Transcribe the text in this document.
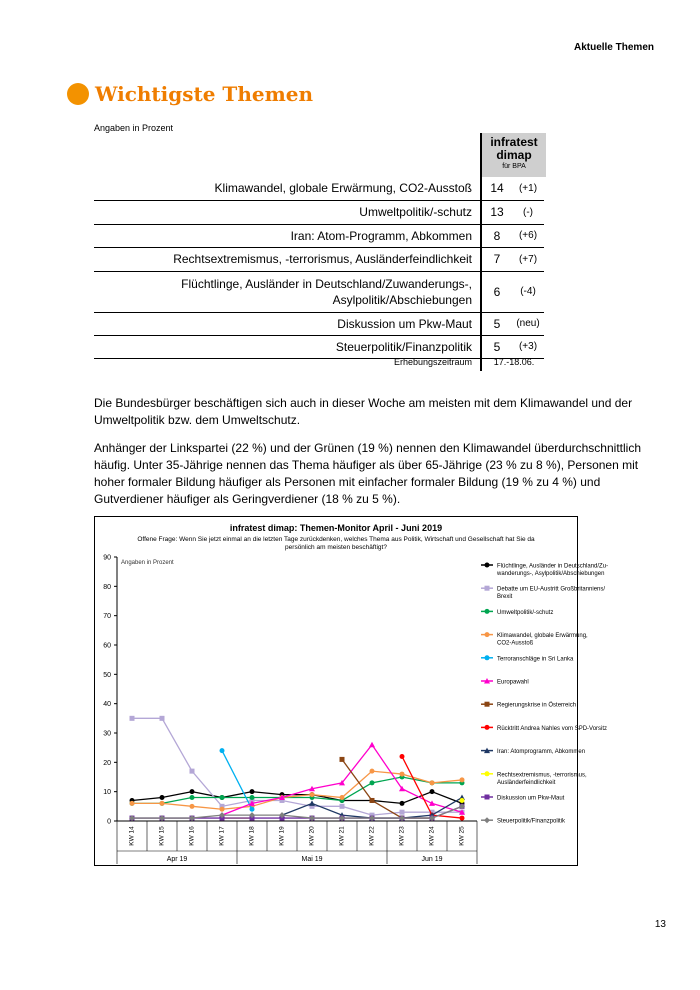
Aktuelle Themen
Wichtigste Themen
Angaben in Prozent
infratest
dimap
für BPA
Klimawandel, globale Erwärmung, CO2-Ausstoß	14	(+1)
Umweltpolitik/-schutz	13	(-)
Iran: Atom-Programm, Abkommen	8	(+6)
Rechtsextremismus, -terrorismus, Ausländerfeindlichkeit	7	(+7)

Flüchtlinge, Ausländer in Deutschland/Zuwanderungs-,
Asylpolitik/Abschiebungen	6	(-4)
Diskussion um Pkw-Maut	5	(neu)
Steuerpolitik/Finanzpolitik	5	(+3)
Erhebungszeitraum	17.-18.06.

Die Bundesbürger beschäftigen sich auch in dieser Woche am meisten mit dem Klimawandel und der Umweltpolitik bzw. dem Umweltschutz.

Anhänger der Linkspartei (22 %) und der Grünen (19 %) nennen den Klimawandel überdurchschnittlich häufig. Unter 35-Jährige nennen das Thema häufiger als über 65-Jährige (23 % zu 8 %), Personen mit hoher formaler Bildung häufiger als Personen mit einfacher formaler Bildung (19 % zu 4 %) und Gutverdiener häufiger als Geringverdiener (18 % zu 5 %).

infratest dimap: Themen-Monitor April - Juni 2019
Offene Frage: Wenn Sie jetzt einmal an die letzten Tage zurückdenken, welches Thema aus Politik, Wirtschaft und Gesellschaft hat Sie da persönlich am meisten beschäftigt?
0
10
20
30
40
50
60
70
80
90
Angaben in Prozent
KW 14	KW 15	KW 16	KW 17	KW 18	KW 19	KW 20	KW 21	KW 22	KW 23	KW 24	KW 25
Apr 19	Mai 19	Jun 19
Flüchtlinge, Ausländer in Deutschland/Zu-
wanderungs-, Asylpolitik/Abschiebungen
Debatte um EU-Austritt Großbritanniens/
Brexit
Umweltpolitik/-schutz
Klimawandel, globale Erwärmung,
CO2-Ausstoß
Terroranschläge in Sri Lanka
Europawahl
Regierungskrise in Österreich
Rücktritt Andrea Nahles vom SPD-Vorsitz
Iran: Atomprogramm, Abkommen
Rechtsextremismus, -terrorismus,
Ausländerfeindlichkeit
Diskussion um Pkw-Maut
Steuerpolitik/Finanzpolitik
13
